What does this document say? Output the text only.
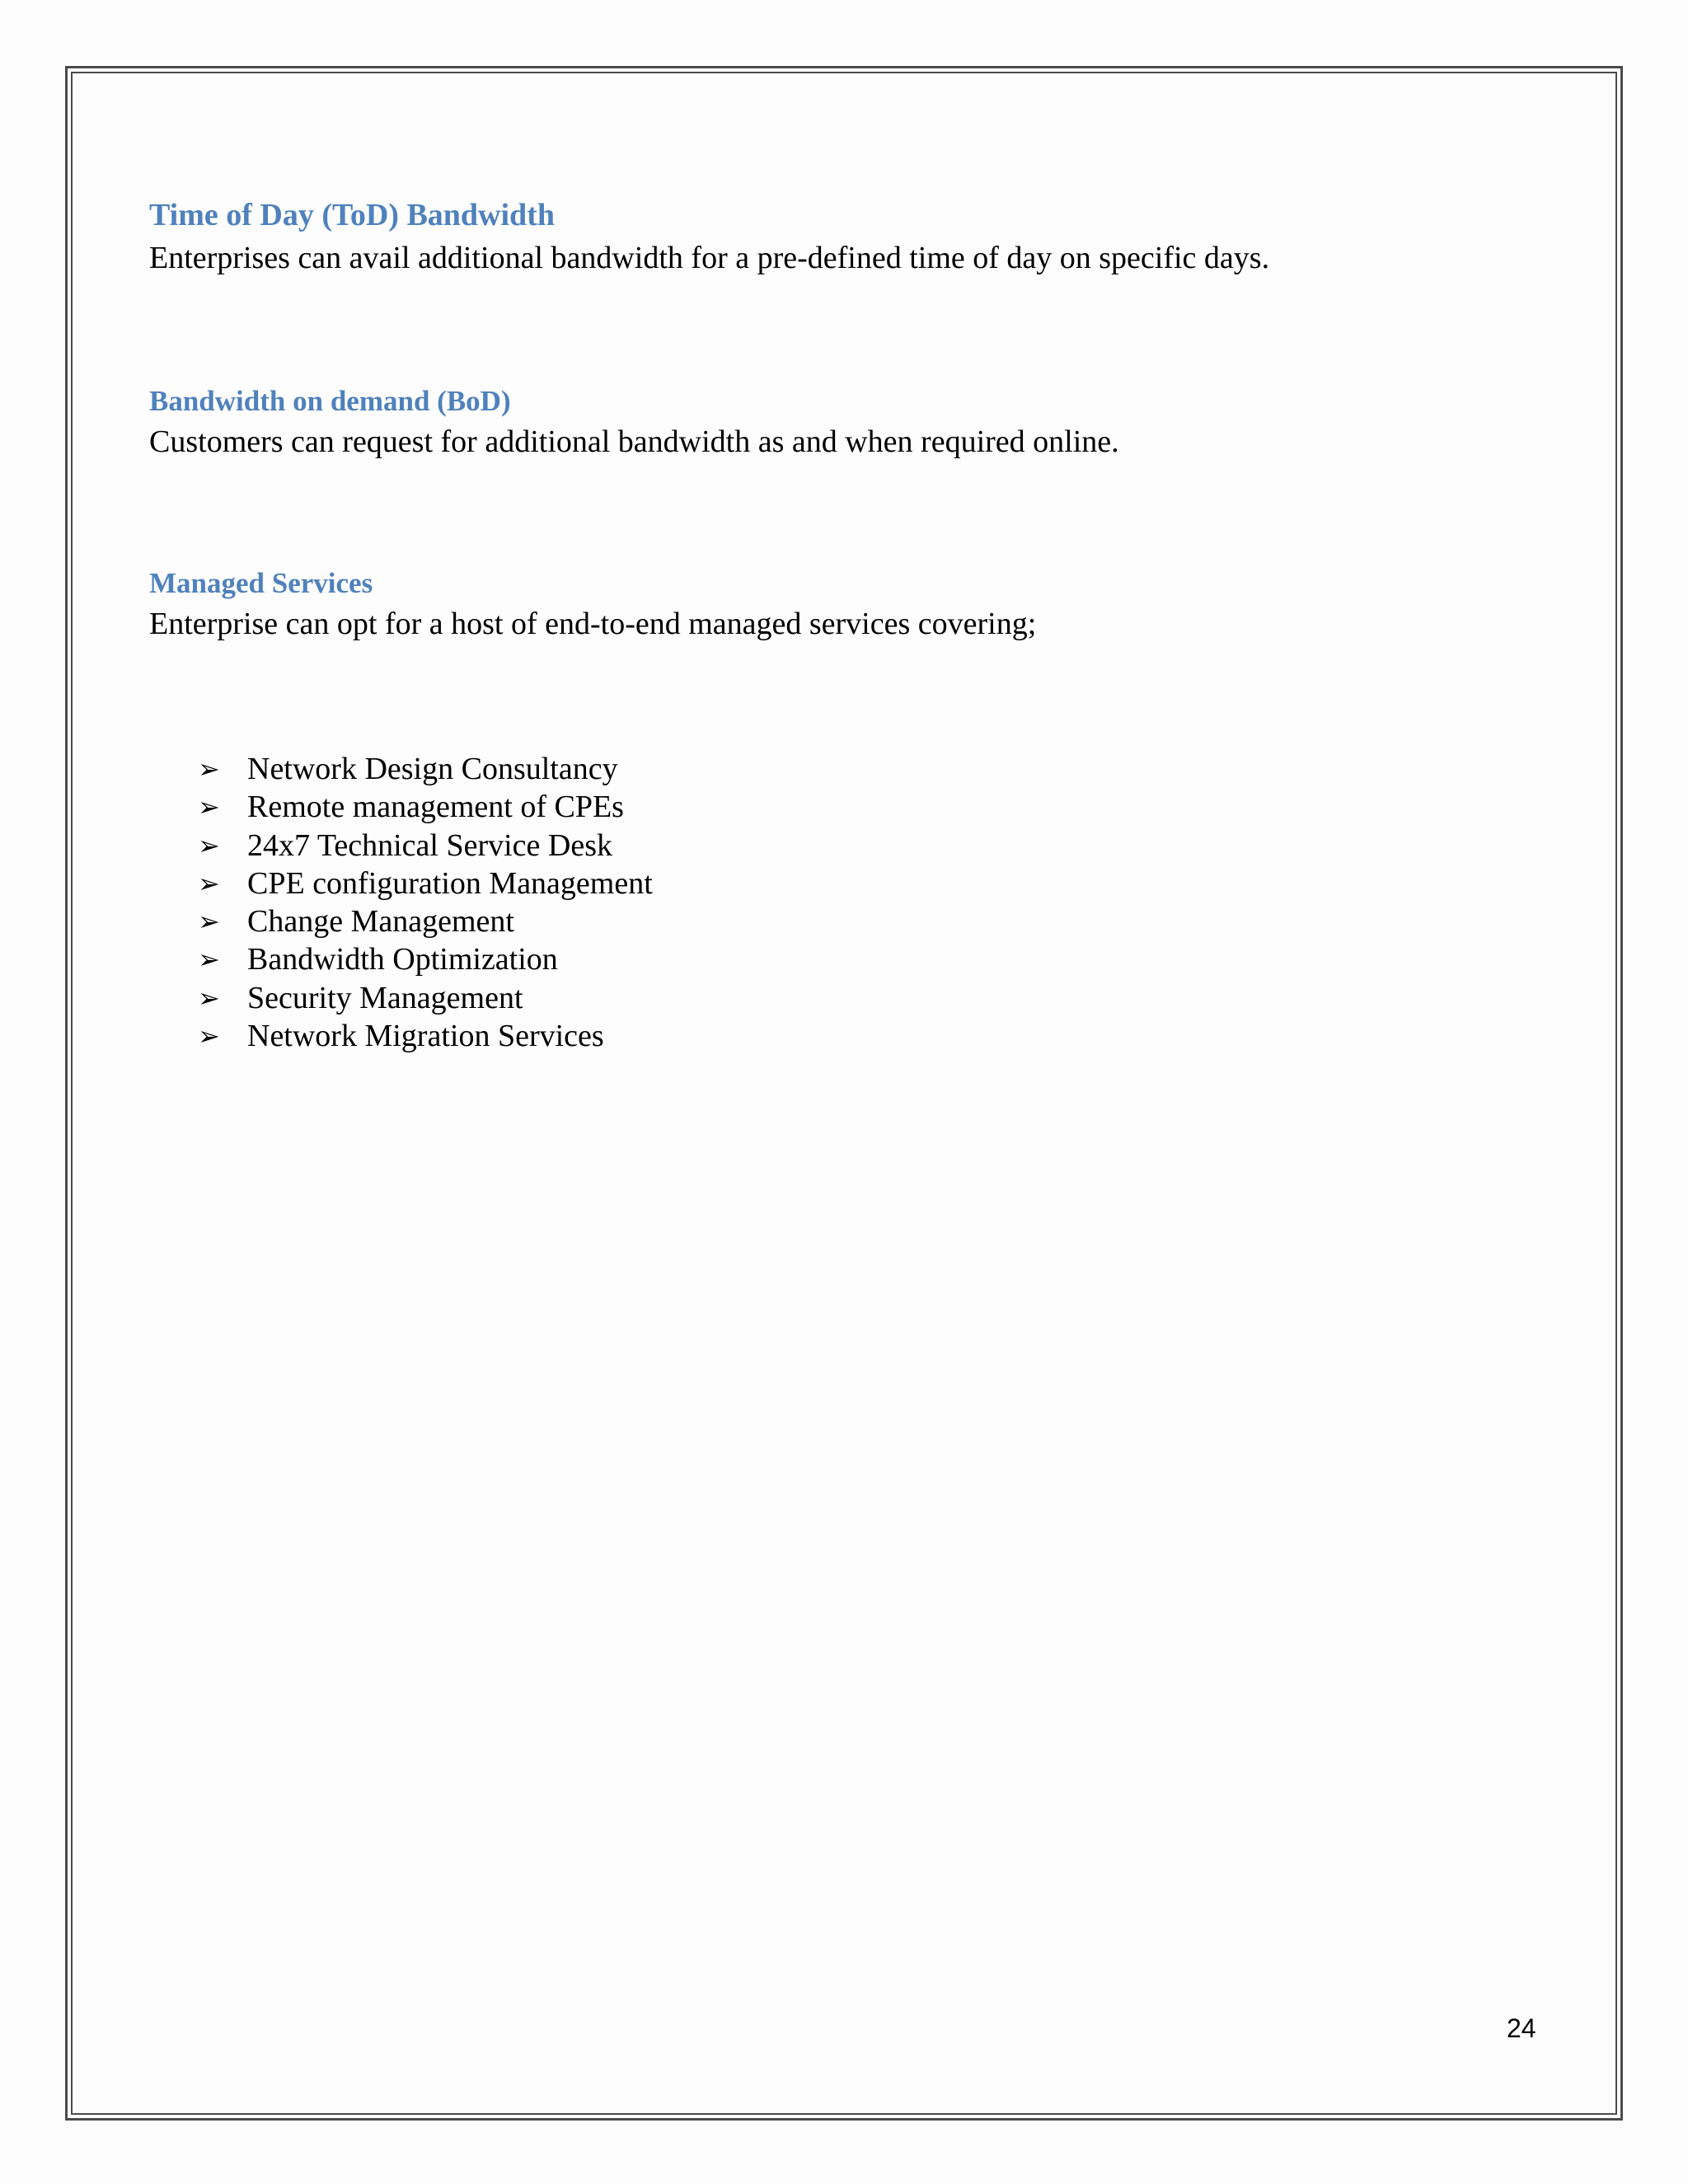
Time of Day (ToD) Bandwidth

Enterprises can avail additional bandwidth for a pre-defined time of day on specific days.

Bandwidth on demand (BoD)

Customers can request for additional bandwidth as and when required online.

Managed Services

Enterprise can opt for a host of end-to-end managed services covering;

➢ Network Design Consultancy
➢ Remote management of CPEs
➢ 24x7 Technical Service Desk
➢ CPE configuration Management
➢ Change Management
➢ Bandwidth Optimization
➢ Security Management
➢ Network Migration Services
24
